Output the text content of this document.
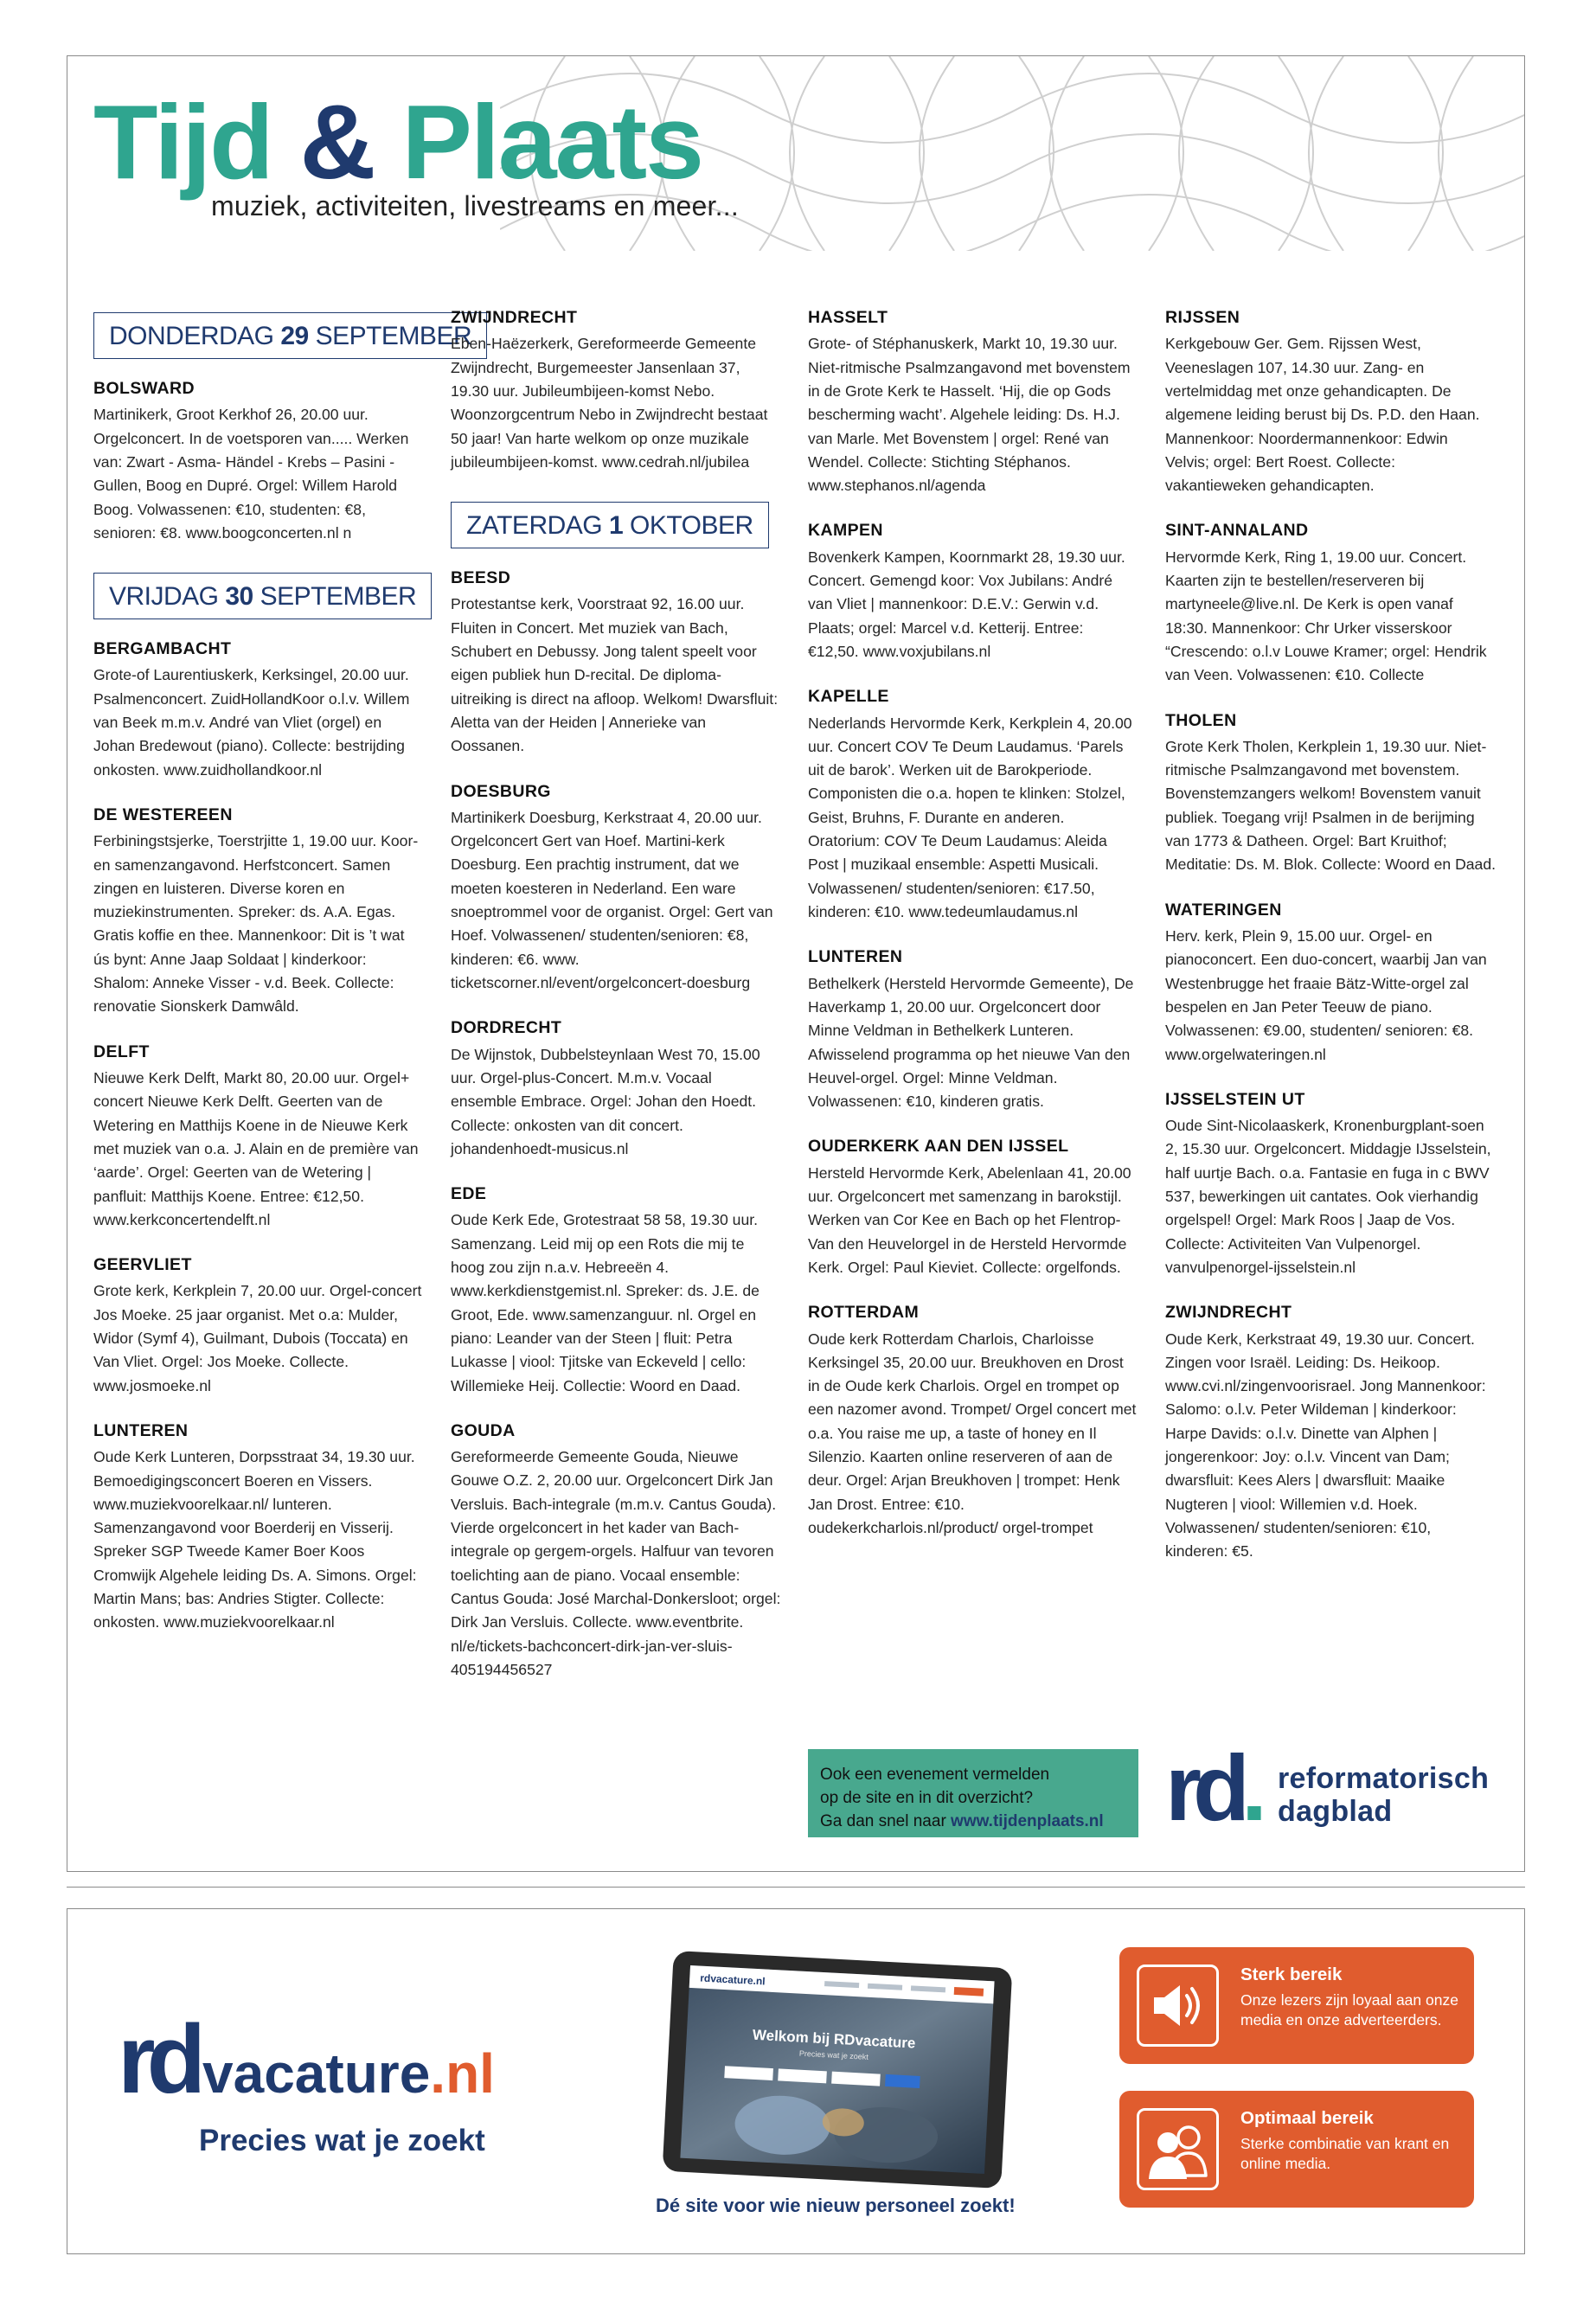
Tijd & Plaats
muziek, activiteiten, livestreams en meer...
DONDERDAG 29 SEPTEMBER
BOLSWARD
Martinikerk, Groot Kerkhof 26, 20.00 uur. Orgelconcert. In de voetsporen van..... Werken van: Zwart - Asma- Händel - Krebs – Pasini - Gullen, Boog en Dupré. Orgel: Willem Harold Boog. Volwassenen: €10, studenten: €8, senioren: €8. www.boogconcerten.nl n
VRIJDAG 30 SEPTEMBER
BERGAMBACHT
Grote-of Laurentiuskerk, Kerksingel, 20.00 uur. Psalmenconcert. ZuidHollandKoor o.l.v. Willem van Beek m.m.v. André van Vliet (orgel) en Johan Bredewout (piano). Collecte: bestrijding onkosten. www.zuidhollandkoor.nl
DE WESTEREEN
Ferbiningstsjerke, Toerstrjitte 1, 19.00 uur. Koor- en samenzangavond. Herfstconcert. Samen zingen en luisteren. Diverse koren en muziekinstrumenten. Spreker: ds. A.A. Egas. Gratis koffie en thee. Mannenkoor: Dit is ’t wat ús bynt: Anne Jaap Soldaat | kinderkoor: Shalom: Anneke Visser - v.d. Beek. Collecte: renovatie Sionskerk Damwâld.
DELFT
Nieuwe Kerk Delft, Markt 80, 20.00 uur. Orgel+ concert Nieuwe Kerk Delft. Geerten van de Wetering en Matthijs Koene in de Nieuwe Kerk met muziek van o.a. J. Alain en de première van ‘aarde’. Orgel: Geerten van de Wetering | panfluit: Matthijs Koene. Entree: €12,50. www.kerkconcertendelft.nl
GEERVLIET
Grote kerk, Kerkplein 7, 20.00 uur. Orgel-concert Jos Moeke. 25 jaar organist. Met o.a: Mulder, Widor (Symf 4), Guilmant, Dubois (Toccata) en Van Vliet. Orgel: Jos Moeke. Collecte. www.josmoeke.nl
LUNTEREN
Oude Kerk Lunteren, Dorpsstraat 34, 19.30 uur. Bemoedigingsconcert Boeren en Vissers. www.muziekvoorelkaar.nl/ lunteren. Samenzangavond voor Boerderij en Visserij. Spreker SGP Tweede Kamer Boer Koos Cromwijk Algehele leiding Ds. A. Simons. Orgel: Martin Mans; bas: Andries Stigter. Collecte: onkosten. www.muziekvoorelkaar.nl
ZWIJNDRECHT
Eben-Haëzerkerk, Gereformeerde Gemeente Zwijndrecht, Burgemeester Jansenlaan 37, 19.30 uur. Jubileumbijeen-komst Nebo. Woonzorgcentrum Nebo in Zwijndrecht bestaat 50 jaar! Van harte welkom op onze muzikale jubileumbijeen-komst. www.cedrah.nl/jubilea
ZATERDAG 1 OKTOBER
BEESD
Protestantse kerk, Voorstraat 92, 16.00 uur. Fluiten in Concert. Met muziek van Bach, Schubert en Debussy. Jong talent speelt voor eigen publiek hun D-recital. De diploma-uitreiking is direct na afloop. Welkom! Dwarsfluit: Aletta van der Heiden | Annerieke van Oossanen.
DOESBURG
Martinikerk Doesburg, Kerkstraat 4, 20.00 uur. Orgelconcert Gert van Hoef. Martini-kerk Doesburg. Een prachtig instrument, dat we moeten koesteren in Nederland. Een ware snoeptrommel voor de organist. Orgel: Gert van Hoef. Volwassenen/ studenten/senioren: €8, kinderen: €6. www. ticketscorner.nl/event/orgelconcert-doesburg
DORDRECHT
De Wijnstok, Dubbelsteynlaan West 70, 15.00 uur. Orgel-plus-Concert. M.m.v. Vocaal ensemble Embrace. Orgel: Johan den Hoedt. Collecte: onkosten van dit concert. johandenhoedt-musicus.nl
EDE
Oude Kerk Ede, Grotestraat 58 58, 19.30 uur. Samenzang. Leid mij op een Rots die mij te hoog zou zijn n.a.v. Hebreeën 4. www.kerkdienstgemist.nl. Spreker: ds. J.E. de Groot, Ede. www.samenzanguur. nl. Orgel en piano: Leander van der Steen | fluit: Petra Lukasse | viool: Tjitske van Eckeveld | cello: Willemieke Heij. Collectie: Woord en Daad.
GOUDA
Gereformeerde Gemeente Gouda, Nieuwe Gouwe O.Z. 2, 20.00 uur. Orgelconcert Dirk Jan Versluis. Bach-integrale (m.m.v. Cantus Gouda). Vierde orgelconcert in het kader van Bach-integrale op gergem-orgels. Halfuur van tevoren toelichting aan de piano. Vocaal ensemble: Cantus Gouda: José Marchal-Donkersloot; orgel: Dirk Jan Versluis. Collecte. www.eventbrite. nl/e/tickets-bachconcert-dirk-jan-ver-sluis-405194456527
HASSELT
Grote- of Stéphanuskerk, Markt 10, 19.30 uur. Niet-ritmische Psalmzangavond met bovenstem in de Grote Kerk te Hasselt. ‘Hij, die op Gods bescherming wacht’. Algehele leiding: Ds. H.J. van Marle. Met Bovenstem | orgel: René van Wendel. Collecte: Stichting Stéphanos. www.stephanos.nl/agenda
KAMPEN
Bovenkerk Kampen, Koornmarkt 28, 19.30 uur. Concert. Gemengd koor: Vox Jubilans: André van Vliet | mannenkoor: D.E.V.: Gerwin v.d. Plaats; orgel: Marcel v.d. Ketterij. Entree: €12,50. www.voxjubilans.nl
KAPELLE
Nederlands Hervormde Kerk, Kerkplein 4, 20.00 uur. Concert COV Te Deum Laudamus. ‘Parels uit de barok’. Werken uit de Barokperiode. Componisten die o.a. hopen te klinken: Stolzel, Geist, Bruhns, F. Durante en anderen. Oratorium: COV Te Deum Laudamus: Aleida Post | muzikaal ensemble: Aspetti Musicali. Volwassenen/ studenten/senioren: €17.50, kinderen: €10. www.tedeumlaudamus.nl
LUNTEREN
Bethelkerk (Hersteld Hervormde Gemeente), De Haverkamp 1, 20.00 uur. Orgelconcert door Minne Veldman in Bethelkerk Lunteren. Afwisselend programma op het nieuwe Van den Heuvel-orgel. Orgel: Minne Veldman. Volwassenen: €10, kinderen gratis.
OUDERKERK AAN DEN IJSSEL
Hersteld Hervormde Kerk, Abelenlaan 41, 20.00 uur. Orgelconcert met samenzang in barokstijl. Werken van Cor Kee en Bach op het Flentrop-Van den Heuvelorgel in de Hersteld Hervormde Kerk. Orgel: Paul Kieviet. Collecte: orgelfonds.
ROTTERDAM
Oude kerk Rotterdam Charlois, Charloisse Kerksingel 35, 20.00 uur. Breukhoven en Drost in de Oude kerk Charlois. Orgel en trompet op een nazomer avond. Trompet/ Orgel concert met o.a. You raise me up, a taste of honey en Il Silenzio. Kaarten online reserveren of aan de deur. Orgel: Arjan Breukhoven | trompet: Henk Jan Drost. Entree: €10. oudekerkcharlois.nl/product/ orgel-trompet
RIJSSEN
Kerkgebouw Ger. Gem. Rijssen West, Veeneslagen 107, 14.30 uur. Zang- en vertelmiddag met onze gehandicapten. De algemene leiding berust bij Ds. P.D. den Haan. Mannenkoor: Noordermannenkoor: Edwin Velvis; orgel: Bert Roest. Collecte: vakantieweken gehandicapten.
SINT-ANNALAND
Hervormde Kerk, Ring 1, 19.00 uur. Concert. Kaarten zijn te bestellen/reserveren bij martyneele@live.nl. De Kerk is open vanaf 18:30. Mannenkoor: Chr Urker visserskoor “Crescendo: o.l.v Louwe Kramer; orgel: Hendrik van Veen. Volwassenen: €10. Collecte
THOLEN
Grote Kerk Tholen, Kerkplein 1, 19.30 uur. Niet-ritmische Psalmzangavond met bovenstem. Bovenstemzangers welkom! Bovenstem vanuit publiek. Toegang vrij! Psalmen in de berijming van 1773 & Datheen. Orgel: Bart Kruithof; Meditatie: Ds. M. Blok. Collecte: Woord en Daad.
WATERINGEN
Herv. kerk, Plein 9, 15.00 uur. Orgel- en pianoconcert. Een duo-concert, waarbij Jan van Westenbrugge het fraaie Bätz-Witte-orgel zal bespelen en Jan Peter Teeuw de piano. Volwassenen: €9.00, studenten/ senioren: €8. www.orgelwateringen.nl
IJSSELSTEIN UT
Oude Sint-Nicolaaskerk, Kronenburgplant-soen 2, 15.30 uur. Orgelconcert. Middagje IJsselstein, half uurtje Bach. o.a. Fantasie en fuga in c BWV 537, bewerkingen uit cantates. Ook vierhandig orgelspel! Orgel: Mark Roos | Jaap de Vos. Collecte: Activiteiten Van Vulpenorgel. vanvulpenorgel-ijsselstein.nl
ZWIJNDRECHT
Oude Kerk, Kerkstraat 49, 19.30 uur. Concert. Zingen voor Israël. Leiding: Ds. Heikoop. www.cvi.nl/zingenvoorisrael. Jong Mannenkoor: Salomo: o.l.v. Peter Wildeman | kinderkoor: Harpe Davids: o.l.v. Dinette van Alphen | jongerenkoor: Joy: o.l.v. Vincent van Dam; dwarsfluit: Kees Alers | dwarsfluit: Maaike Nugteren | viool: Willemien v.d. Hoek. Volwassenen/ studenten/senioren: €10, kinderen: €5.
Ook een evenement vermelden
op de site en in dit overzicht?
Ga dan snel naar www.tijdenplaats.nl rd. reformatorisch
dagblad
rdvacature.nl
Precies wat je zoekt
rdvacature.nl
Welkom bij RDvacature
Precies wat je zoekt
Dé site voor wie nieuw personeel zoekt!
Sterk bereik
Onze lezers zijn loyaal aan onze media en onze adverteerders.
Optimaal bereik
Sterke combinatie van krant en online media.
